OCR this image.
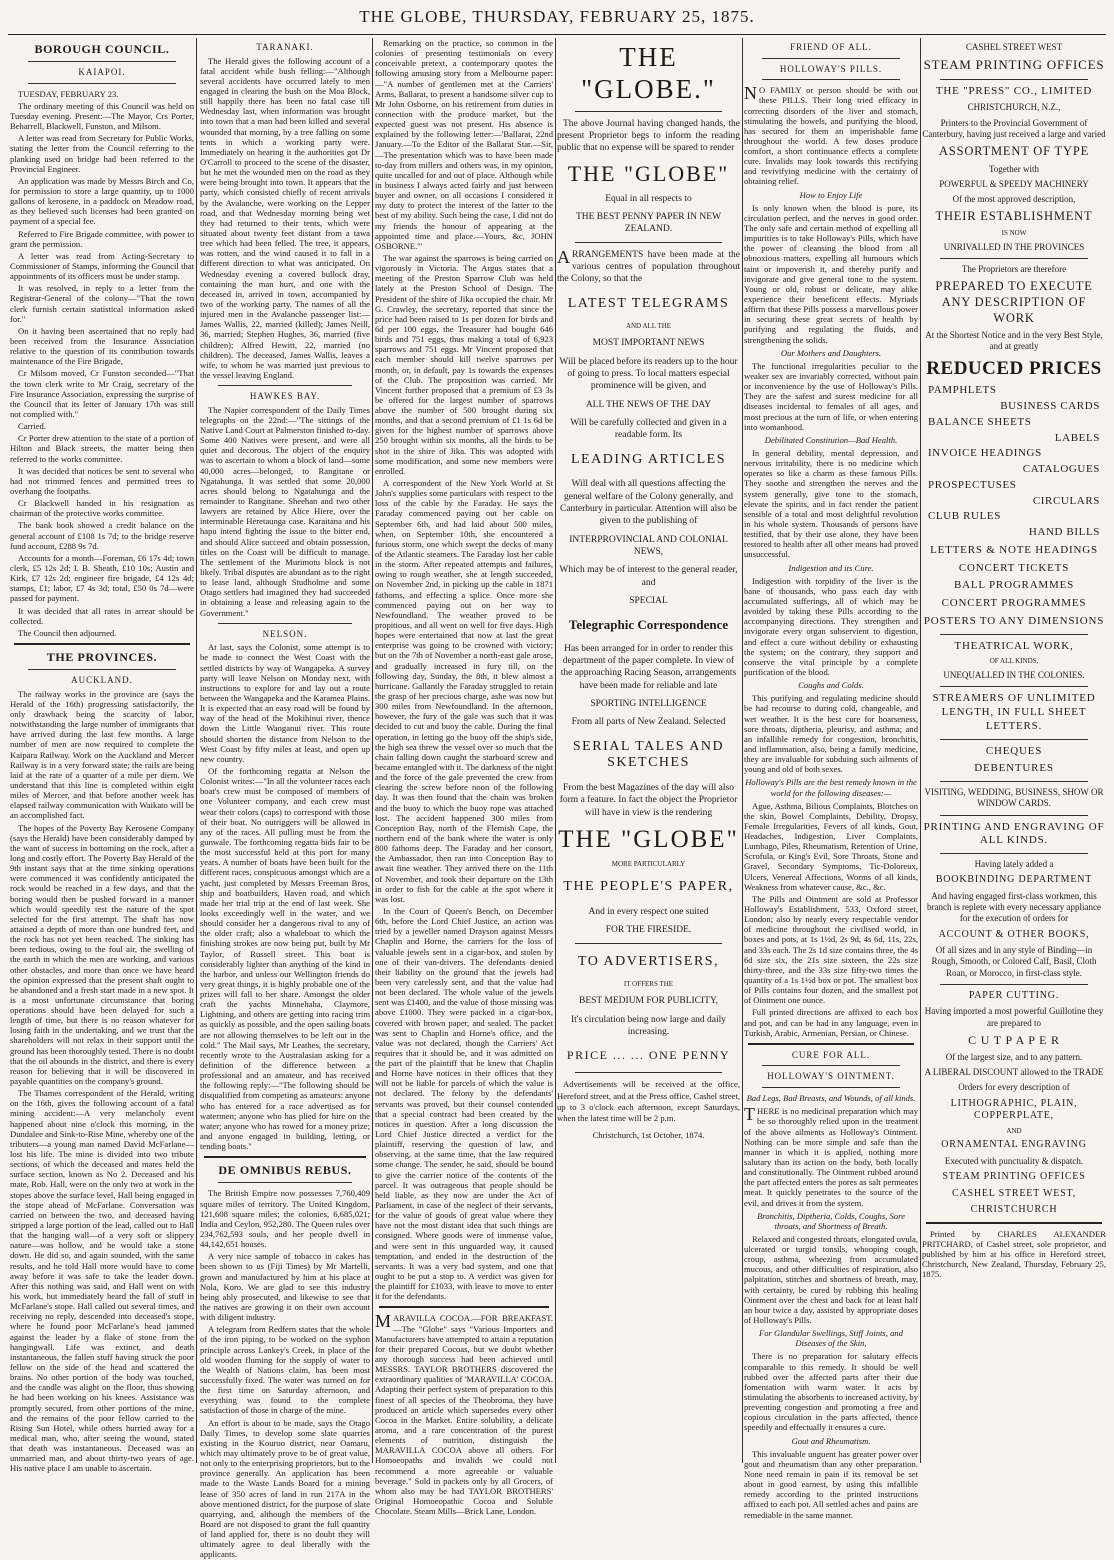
THE GLOBE, THURSDAY, FEBRUARY 25, 1875.
BOROUGH COUNCIL.
KAIAPOI.

TUESDAY, FEBRUARY 23.

The ordinary meeting of this Council was held on Tuesday evening. Present:—The Mayor, Crs Porter, Beharrell, Blackwell, Funston, and Milsom.

A letter was read from Secretary for Public Works, stating the letter from the Council referring to the planking used on bridge had been referred to the Provincial Engineer.

An application was made by Messrs Birch and Co, for permission to store a large quantity, up to 1000 gallons of kerosene, in a paddock on Meadow road, as they believed such licenses had been granted on payment of a special fee.

Referred to Fire Brigade committee, with power to grant the permission.

A letter was read from Acting-Secretary to Commissioner of Stamps, informing the Council that appointments of its officers must be under stamp.

It was resolved, in reply to a letter from the Registrar-General of the colony—"That the town clerk furnish certain statistical information asked for."

On it having been ascertained that no reply had been received from the Insurance Association relative to the question of its contribution towards maintenance of the Fire Brigade,

Cr Milsom moved, Cr Funston seconded—"That the town clerk write to Mr Craig, secretary of the Fire Insurance Association, expressing the surprise of the Council that its letter of January 17th was still not complied with."

Carried.

Cr Porter drew attention to the state of a portion of Hilton and Black streets, the matter being then referred to the works committee.

It was decided that notices be sent to several who had not trimmed fences and permitted trees to overhang the footpaths.

Cr Blackwell handed in his resignation as chairman of the protective works committee.

The bank book showed a credit balance on the general account of £108 1s 7d; to the bridge reserve fund account, £288 9s 7d.

Accounts for a month—Foreman, £6 17s 4d; town clerk, £5 12s 2d; I. B. Sheath, £10 10s; Austin and Kirk, £7 12s 2d; engineer fire brigade, £4 12s 4d; stamps, £1; labor, £7 4s 3d; total, £50 0s 7d—were passed for payment.

It was decided that all rates in arrear should be collected.

The Council then adjourned.

THE PROVINCES.
AUCKLAND.

The railway works in the province are (says the Herald of the 16th) progressing satisfactorily, the only drawback being the scarcity of labor, notwithstanding the large number of immigrants that have arrived during the last few months. A large number of men are now required to complete the Kaipara Railway. Work on the Auckland and Mercer Railway is in a very forward state; the rails are being laid at the rate of a quarter of a mile per diem. We understand that this line is completed within eight miles of Mercer, and that before another week has elapsed railway communication with Waikato will be an accomplished fact.

The hopes of the Poverty Bay Kerosene Company (says the Herald) have been considerably damped by the want of success in bottoming on the rock, after a long and costly effort. The Poverty Bay Herald of the 9th instant says that at the time sinking operations were commenced it was confidently anticipated the rock would be reached in a few days, and that the boring would then be pushed forward in a manner which would speedily test the nature of the spot selected for the first attempt. The shaft has now attained a depth of more than one hundred feet, and the rock has not yet been reached. The sinking has been tedious, owing to the foul air, the swelling of the earth in which the men are working, and various other obstacles, and more than once we have heard the opinion expressed that the present shaft ought to be abandoned and a fresh start made in a new spot. It is a most unfortunate circumstance that boring operations should have been delayed for such a length of time, but there is no reason whatever for losing faith in the undertaking, and we trust that the shareholders will not relax in their support until the ground has been thoroughly tested. There is no doubt that the oil abounds in the district, and there is every reason for believing that it will be discovered in payable quantities on the company's ground.

The Thames correspondent of the Herald, writing on the 16th, gives the following account of a fatal mining accident:—A very melancholy event happened about nine o'clock this morning, in the Dundalee and Sink-to-Rise Mine, whereby one of the tributers—a young man named David McFarlane—lost his life. The mine is divided into two tribute sections, of which the deceased and mates held the surface section, known as No 2. Deceased and his mate, Rob. Hall, were on the only two at work in the stopes above the surface level, Hall being engaged in the stope ahead of McFarlane. Conversation was carried on between the two, and deceased having stripped a large portion of the lead, called out to Hall that the hanging wall—of a very soft or slippery nature—was hollow, and he would take a stone down. He did so, and again sounded, with the same results, and he told Hall more would have to come away before it was safe to take the leader down. After this nothing was said, and Hall went on with his work, but immediately heard the fall of stuff in McFarlane's stope. Hall called out several times, and receiving no reply, descended into deceased's stope, where he found poor McFarlane's head jammed against the leader by a flake of stone from the hangingwall. Life was extinct, and death instantaneous, the fallen stuff having struck the poor fellow on the side of the head and scattered the brains. No other portion of the body was touched, and the candle was alight on the floor, thus showing he had been working on his knees. Assistance was promptly secured, from other portions of the mine, and the remains of the poor fellow carried to the Rising Sun Hotel, while others hurried away for a medical man, who, after seeing the wound, stated that death was instantaneous. Deceased was an unmarried man, and about thirty-two years of age. His native place I am unable to ascertain.

TARANAKI.

The Herald gives the following account of a fatal accident while bush felling:—"Although several accidents have occurred lately to men engaged in clearing the bush on the Moa Block, still happily there has been no fatal case till Wednesday last, when information was brought into town that a man had been killed and several wounded that morning, by a tree falling on some tents in which a working party were. Immediately on hearing it the authorities got Dr O'Carroll to proceed to the scene of the disaster, but he met the wounded men on the road as they were being brought into town. It appears that the party, which consisted chiefly of recent arrivals by the Avalanche, were working on the Lepper road, and that Wednesday morning being wet they had returned to their tents, which were situated about twenty feet distant from a tawa tree which had been felled. The tree, it appears, was rotten, and the wind caused it to fall in a different direction to what was anticipated. On Wednesday evening a covered bullock dray, containing the man hurt, and one with the deceased in, arrived in town, accompanied by two of the working party. The names of all the injured men in the Avalanche passenger list:—James Wallis, 22, married (killed); James Neill, 36, married; Stephen Hughes, 36, married (five children); Alfred Hewitt, 22, married (no children). The deceased, James Wallis, leaves a wife, to whom he was married just previous to the vessel leaving England.

HAWKES BAY.

The Napier correspondent of the Daily Times telegraphs on the 22nd:—"The sittings of the Native Land Court at Palmerston finished to-day. Some 400 Natives were present, and were all quiet and decorous. The object of the enquiry was to ascertain to whom a block of land—some 40,000 acres—belonged, to Rangitane or Ngatahunga. It was settled that some 20,000 acres should belong to Ngatahunga and the remainder to Rangitane. Sheehan and two other lawyers are retained by Alice Hiere, over the interminable Heretaunga case. Karaitana and his hapu intend fighting the issue to the bitter end, and should Alice succeed and obtain possession, titles on the Coast will be difficult to manage. The settlement of the Murimotu block is not likely. Tribal disputes are abundant as to the right to lease land, although Studholme and some Otago settlers had imagined they had succeeded in obtaining a lease and releasing again to the Government."

NELSON.

At last, says the Colonist, some attempt is to be made to connect the West Coast with the settled districts by way of Wangapeka. A survey party will leave Nelson on Monday next, with instructions to explore for and lay out a route between the Wangapeka and the Karamea Plains. It is expected that an easy road will be found by way of the head of the Mokihinui river, thence down the Little Wanganui river. This route should shorten the distance from Nelson to the West Coast by fifty miles at least, and open up new country.

Of the forthcoming regatta at Nelson the Colonist writes:—"In all the volunteer races each boat's crew must be composed of members of one Volunteer company, and each crew must wear their colors (caps) to correspond with those of their boat. No outriggers will be allowed in any of the races. All pulling must be from the gunwale. The forthcoming regatta bids fair to be the most successful held at this port for many years. A number of boats have been built for the different races, conspicuous amongst which are a yacht, just completed by Messrs Freeman Bros, ship and boatbuilders, Haven road, and which made her trial trip at the end of last week. She looks exceedingly well in the water, and we should consider her a dangerous rival to any of the older craft; also a whaleboat to which the finishing strokes are now being put, built by Mr Taylor, of Russell street. This boat is considerably lighter than anything of the kind in the harbor, and unless our Wellington friends do very great things, it is highly probable one of the prizes will fall to her share. Amongst the older craft the yachts Minnehaha, Claymore, Lightning, and others are getting into racing trim as quickly as possible, and the open sailing boats are not allowing themselves to be left out in the cold." The Mail says, Mr Leathes, the secretary, recently wrote to the Australasian asking for a definition of the difference between a professional and an amateur, and has received the following reply:—"The following should be disqualified from competing as amateurs: anyone who has entered for a race advertised as for watermen; anyone who has plied for hire on the water; anyone who has rowed for a money prize; and anyone engaged in building, letting, or tending boats."

DE OMNIBUS REBUS.

The British Empire now possesses 7,760,409 square miles of territory. The United Kingdom, 121,608 square miles; the colonies, 6,685,021; India and Ceylon, 952,280. The Queen rules over 234,762,593 souls, and her people dwell in 44,142,651 houses.

A very nice sample of tobacco in cakes has been shown to us (Fiji Times) by Mr Martelli, grown and manufactured by him at his place at Nola, Koro. We are glad to see this industry being ably prosecuted, and likewise to see that the natives are growing it on their own account with diligent industry.

A telegram from Redfern states that the whole of the iron piping, to be worked on the syphon principle across Lankey's Creek, in place of the old wooden fluming for the supply of water to the Wealth of Nations claim, has been most successfully fixed. The water was turned on for the first time on Saturday afternoon, and everything was found to the complete satisfaction of those in charge of the mine.

An effort is about to be made, says the Otago Daily Times, to develop some slate quarries existing in the Kouroo district, near Oamaru, which may ultimately prove to be of great value, not only to the enterprising proprietors, but to the province generally. An application has been made to the Waste Lands Board for a mining lease of 350 acres of land in run 217A in the above mentioned district, for the purpose of slate quarrying, and, although the members of the Board are not disposed to grant the full quantity of land applied for, there is no doubt they will ultimately agree to deal liberally with the applicants.

Remarking on the practice, so common in the colonies of presenting testimonials on every conceivable pretext, a contemporary quotes the following amusing story from a Melbourne paper:—"A number of gentlemen met at the Carriers' Arms, Ballarat, to present a handsome silver cup to Mr John Osborne, on his retirement from duties in connection with the produce market, but the expected guest was not present. His absence is explained by the following letter:—'Ballarat, 22nd January.—To the Editor of the Ballarat Star.—Sir,—The presentation which was to have been made to-day from millers and others was, in my opinion, quite uncalled for and out of place. Although while in business I always acted fairly and just between buyer and owner, on all occasions I considered it my duty to protect the interest of the latter to the best of my ability. Such being the case, I did not do my friends the honour of appearing at the appointed time and place.—Yours, &c, JOHN OSBORNE.'"

The war against the sparrows is being carried on vigorously in Victoria. The Argus states that a meeting of the Preston Sparrow Club was held lately at the Preston School of Design. The President of the shire of Jika occupied the chair. Mr G. Crawley, the secretary, reported that since the price had been raised to 1s per dozen for birds and 6d per 100 eggs, the Treasurer had bought 646 birds and 751 eggs, thus making a total of 6,923 sparrows and 751 eggs. Mr Vincent proposed that each member should kill twelve sparrows per month, or, in default, pay 1s towards the expenses of the Club. The proposition was carried. Mr Vincent further proposed that a premium of £3 3s be offered for the largest number of sparrows above the number of 500 brought during six months, and that a second premium of £1 1s 6d be given for the highest number of sparrows above 250 brought within six months, all the birds to be shot in the shire of Jika. This was adopted with some modification, and some new members were enrolled.

A correspondent of the New York World at St John's supplies some particulars with respect to the loss of the cable by the Faraday. He says the Faraday commenced paying out her cable on September 6th, and had laid about 500 miles, when, on September 10th, she encountered a furious storm, one which swept the decks of many of the Atlantic steamers. The Faraday lost her cable in the storm. After repeated attempts and failures, owing to rough weather, she at length succeeded, on November 2nd, in picking up the cable in 1871 fathoms, and effecting a splice. Once more she commenced paying out on her way to Newfoundland. The weather proved to be propitious, and all went on well for five days. High hopes were entertained that now at last the great enterprise was going to be crowned with victory; but on the 7th of November a north-east gale arose, and gradually increased in fury till, on the following day, Sunday, the 8th, it blew almost a hurricane. Gallantly the Faraday struggled to retain the grasp of her precious charge, ashe was now but 300 miles from Newfoundland. In the afternoon, however, the fury of the gale was such that it was decided to cut and buoy the cable. During the final operation, in letting go the buoy off the ship's side, the high sea threw the vessel over so much that the chain falling down caught the starboard screw and became entangled with it. The darkness of the night and the force of the gale prevented the crew from clearing the screw before noon of the following day. It was then found that the chain was broken and the buoy to which the buoy rope was attached lost. The accident happened 300 miles from Conception Bay, north of the Flemish Cape, the northern end of the bank where the water is only 800 fathoms deep. The Faraday and her consort, the Ambassador, then ran into Conception Bay to await fine weather. They arrived there on the 11th of November, and took their departure on the 13th in order to fish for the cable at the spot where it was lost.

In the Court of Queen's Bench, on December 6th, before the Lord Chief Justice, an action was tried by a jeweller named Drayson against Messrs Chaplin and Horne, the carriers for the loss of valuable jewels sent in a cigar-box, and stolen by one of their van-drivers. The defendants denied their liability on the ground that the jewels had been very carelessly sent, and that the value had not been declared. The whole value of the jewels sent was £1400, and the value of those missing was above £1000. They were packed in a cigar-box, covered with brown paper, and sealed. The packet was sent to Chaplin and Horne's office, and the value was not declared, though the Carriers' Act requires that it should be, and it was admitted on the part of the plaintiff that he knew that Chaplin and Horne have notices in their offices that they will not be liable for parcels of which the value is not declared. The felony by the defendants' servants was proved, but their counsel contended that a special contract had been created by the notices in question. After a long discussion the Lord Chief Justice directed a verdict for the plaintiff, reserving the question of law, and observing, at the same time, that the law required some change. The sender, he said, should be bound to give the carrier notice of the contents of the parcel. It was outrageous that people should be held liable, as they now are under the Act of Parliament, in case of the neglect of their servants, for the value of goods of great value where they have not the most distant idea that such things are consigned. Where goods were of immense value, and were sent in this unguarded way, it caused temptation, and ended in the destruction of the servants. It was a very bad system, and one that ought to be put a stop to. A verdict was given for the plaintiff for £1033, with leave to move to enter it for the defendants.

MARAVILLA COCOA.—FOR BREAKFAST.—The "Globe" says "Various Importers and Manufacturers have attempted to attain a reputation for their prepared Cocoas, but we doubt whether any thorough success had been achieved until MESSRS. TAYLOR BROTHERS discovered the extraordinary qualities of 'MARAVILLA' COCOA. Adapting their perfect system of preparation to this finest of all species of the Theobroma, they have produced an article which supersedes every other Cocoa in the Market. Entire solubility, a delicate aroma, and a rare concentration of the purest elements of nutrition, distinguish the MARAVILLA COCOA above all others. For Homoeopaths and invalids we could not recommend a more agreeable or valuable beverage." Sold in packets only by all Grocers, of whom also may be had TAYLOR BROTHERS' Original Homoeopathic Cocoa and Soluble Chocolate. Steam Mills—Brick Lane, London.

THE "GLOBE."

The above Journal having changed hands, the present Proprietor begs to inform the reading public that no expense will be spared to render

THE "GLOBE"
Equal in all respects to
THE BEST PENNY PAPER IN NEW ZEALAND.

ARRANGEMENTS have been made at the various centres of population throughout the Colony, so that the

LATEST TELEGRAMS
AND ALL THE
MOST IMPORTANT NEWS
Will be placed before its readers up to the hour of going to press. To local matters especial prominence will be given, and
ALL THE NEWS OF THE DAY
Will be carefully collected and given in a readable form. Its
LEADING ARTICLES
Will deal with all questions affecting the general welfare of the Colony generally, and Canterbury in particular. Attention will also be given to the publishing of
INTERPROVINCIAL AND COLONIAL NEWS,
Which may be of interest to the general reader, and
SPECIAL
Telegraphic Correspondence
Has been arranged for in order to render this department of the paper complete. In view of the approaching Racing Season, arrangements have been made for reliable and late
SPORTING INTELLIGENCE
From all parts of New Zealand. Selected
SERIAL TALES AND SKETCHES
From the best Magazines of the day will also form a feature. In fact the object the Proprietor will have in view is the rendering
THE "GLOBE"
MORE PARTICULARLY
THE PEOPLE'S PAPER,
And in every respect one suited
FOR THE FIRESIDE.
TO ADVERTISERS,
IT OFFERS THE
BEST MEDIUM FOR PUBLICITY,
It's circulation being now large and daily increasing.
PRICE ... ... ONE PENNY

Advertisements will be received at the office, Hereford street, and at the Press office, Cashel street, up to 3 o'clock each afternoon, except Saturdays, when the latest time will be 2 p.m.

Christchurch, 1st October, 1874.
FRIEND OF ALL.
HOLLOWAY'S PILLS.

N O FAMILY or person should be with out these PILLS. Their long tried efficacy in correcting disorders of the liver and stomach, stimulating the bowels, and purifying the blood, has secured for them an imperishable fame throughout the world. A few doses produce comfort, a short continuance effects a complete cure. Invalids may look towards this rectifying and revivifying medicine with the certainty of obtaining relief.

How to Enjoy Life

Is only known when the blood is pure, its circulation perfect, and the nerves in good order. The only safe and certain method of expelling all impurities is to take Holloway's Pills, which have the power of cleansing the blood from all obnoxious matters, expelling all humours which taint or impoverish it, and thereby purify and invigorate and give general tone to the system. Young or old, robust or delicate, may alike experience their beneficent effects. Myriads affirm that these Pills possess a marvellous power in securing these great secrets of health by purifying and regulating the fluids, and strengthening the solids.

Our Mothers and Daughters.

The functional irregularities peculiar to the weaker sex are invariably corrected, without pain or inconvenience by the use of Holloway's Pills. They are the safest and surest medicine for all diseases incidental to females of all ages, and most precious at the turn of life, or when entering into womanhood.

Debilitated Constitution—Bad Health.

In general debility, mental depression, and nervous irritability, there is no medicine which operates so like a charm as these famous Pills. They soothe and strengthen the nerves and the system generally, give tone to the stomach, elevate the spirits, and in fact render the patient sensible of a total and most delightful revolution in his whole system. Thousands of persons have testified, that by their use alone, they have been restored to health after all other means had proved unsuccessful.

Indigestion and its Cure.

Indigestion with torpidity of the liver is the bane of thousands, who pass each day with accumulated sufferings, all of which may be avoided by taking these Pills according to the accompanying directions. They strengthen and invigorate every organ subservient to digestion, and effect a cure without debility or exhausting the system; on the contrary, they support and conserve the vital principle by a complete purification of the blood.

Coughs and Colds.

This purifying and regulating medicine should be had recourse to during cold, changeable, and wet weather. It is the best cure for hoarseness, sore throats, diptheria, pleurisy, and asthma; and an infallible remedy for congestion, bronchitis, and inflammation, also, being a family medicine, they are invaluable for subduing such ailments of young and old of both sexes.

Holloway's Pills are the best remedy known in the world for the following diseases:—

Ague, Asthma, Bilious Complaints, Blotches on the skin, Bowel Complaints, Debility, Dropsy, Female Irregularities, Fevers of all kinds, Gout, Headaches, Indigestion, Liver Complaints, Lumbago, Piles, Rheumatism, Retention of Urine, Scrofula, or King's Evil, Sore Throats, Stone and Gravel, Secondary Symptoms, Tic-Doloreux, Ulcers, Venereal Affections, Worms of all kinds, Weakness from whatever cause, &c., &c.

The Pills and Ointment are sold at Professor Holloway's Establishment, 533, Oxford street, London; also by nearly every respectable vendor of medicine throughout the civilised world, in boxes and pots, at 1s 1½d, 2s 9d, 4s 6d, 11s, 22s, and 33s each. The 2s 1d size contains three, the 4s 6d size six, the 21s size sixteen, the 22s size thirty-three, and the 33s size fifty-two times the quantity of a 1s 1½d box or pot. The smallest box of Pills contains four dozen, and the smallest pot of Ointment one ounce.

Full printed directions are affixed to each box and pot, and can be had in any language, even in Turkish, Arabic, Armenian, Persian, or Chinese.

CURE FOR ALL.
HOLLOWAY'S OINTMENT.

Bad Legs, Bad Breasts, and Wounds, of all kinds.

THERE is no medicinal preparation which may be so thoroughly relied upon in the treatment of the above ailments as Holloway's Ointment. Nothing can be more simple and safe than the manner in which it is applied, nothing more salutary than its action on the body, both locally and constitutionally. The Ointment rubbed around the part affected enters the pores as salt permeates meat. It quickly penetrates to the source of the evil, and drives it from the system.

Bronchitis, Diptheria, Colds, Coughs, Sore throats, and Shortness of Breath.

Relaxed and congested throats, elongated uvula, ulcerated or turgid tonsils, whooping cough, croup, asthma, wheezing from accumulated mucous, and other difficulties of respiration, also palpitation, stitches and shortness of breath, may, with certainty, be cured by rubbing this healing Ointment over the chest and back for at least half an hour twice a day, assisted by appropriate doses of Holloway's Pills.

For Glandular Swellings, Stiff Joints, and Diseases of the Skin,

There is no preparation for salutary effects comparable to this remedy. It should be well rubbed over the affected parts after their due fomentation with warm water. It acts by stimulating the absorbents to increased activity, by preventing congestion and promoting a free and copious circulation in the parts affected, thence speedily and effectually it ensures a cure.

Gout and Rheumatism.

This invaluable unguent has greater power over gout and rheumatism than any other preparation. None need remain in pain if its removal be set about in good earnest, by using this infallible remedy according to the printed instructions affixed to each pot. All settled aches and pains are remediable in the same manner.

CASHEL STREET WEST
STEAM PRINTING OFFICES
THE "PRESS" CO., LIMITED
CHRISTCHURCH, N.Z.,
Printers to the Provincial Government of Canterbury, having just received a large and varied
ASSORTMENT OF TYPE
Together with
POWERFUL & SPEEDY MACHINERY
Of the most approved description,
THEIR ESTABLISHMENT
IS NOW
UNRIVALLED IN THE PROVINCES
The Proprietors are therefore
PREPARED TO EXECUTE ANY DESCRIPTION OF WORK
At the Shortest Notice and in the very Best Style, and at greatly
REDUCED PRICES
PAMPHLETS
BUSINESS CARDS
BALANCE SHEETS
LABELS
INVOICE HEADINGS
CATALOGUES
PROSPECTUSES
CIRCULARS
CLUB RULES
HAND BILLS
LETTERS & NOTE HEADINGS
CONCERT TICKETS
BALL PROGRAMMES
CONCERT PROGRAMMES
POSTERS TO ANY DIMENSIONS
THEATRICAL WORK,
OF ALL KINDS,
UNEQUALLED IN THE COLONIES.
STREAMERS OF UNLIMITED LENGTH, IN FULL SHEET LETTERS.
CHEQUES
DEBENTURES
VISITING, WEDDING, BUSINESS, SHOW OR WINDOW CARDS.
PRINTING AND ENGRAVING OF ALL KINDS.
Having lately added a
BOOKBINDING DEPARTMENT
And having engaged first-class workmen, this branch is replete with every necessary appliance for the execution of orders for
ACCOUNT & OTHER BOOKS,
Of all sizes and in any style of Binding—in Rough, Smooth, or Colored Calf, Basil, Cloth Roan, or Morocco, in first-class style.
PAPER CUTTING.
Having imported a most powerful Guillotine they are prepared to
C U T P A P E R
Of the largest size, and to any pattern.
A LIBERAL DISCOUNT allowed to the TRADE
Orders for every description of
LITHOGRAPHIC, PLAIN, COPPERPLATE,
AND
ORNAMENTAL ENGRAVING
Executed with punctuality & dispatch.
STEAM PRINTING OFFICES
CASHEL STREET WEST,
CHRISTCHURCH

Printed by CHARLES ALEXANDER PRITCHARD, of Cashel street, sole proprietor, and published by him at his office in Hereford street, Christchurch, New Zealand, Thursday, February 25, 1875.
